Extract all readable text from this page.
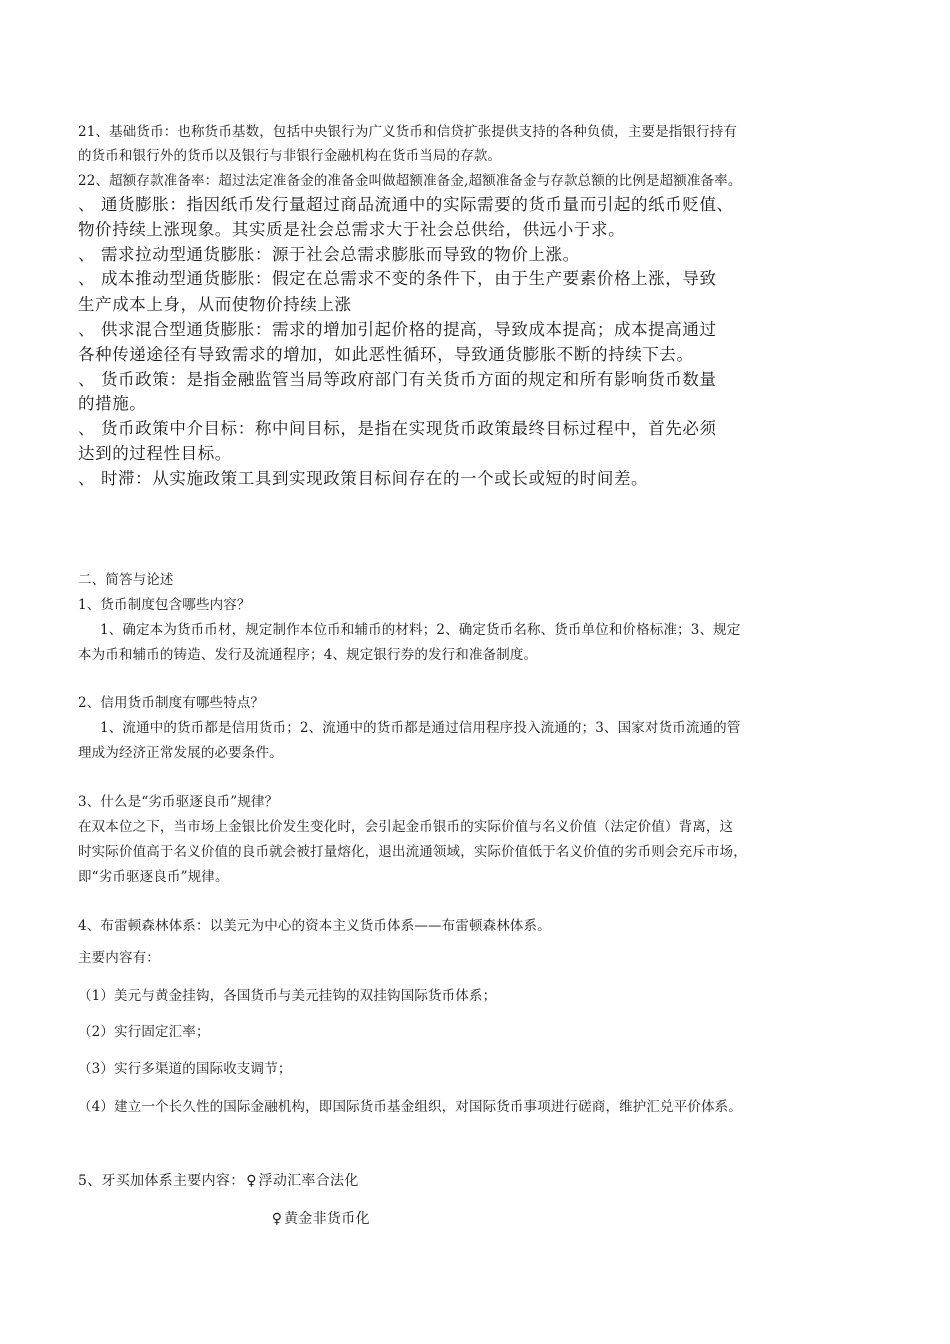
21、基础货币：也称货币基数，包括中央银行为广义货币和信贷扩张提供支持的各种负债，主要是指银行持有
的货币和银行外的货币以及银行与非银行金融机构在货币当局的存款。
22、超额存款准备率：超过法定准备金的准备金叫做超额准备金,超额准备金与存款总额的比例是超额准备率。
、 通货膨胀：指因纸币发行量超过商品流通中的实际需要的货币量而引起的纸币贬值、
物价持续上涨现象。其实质是社会总需求大于社会总供给，供远小于求。
、 需求拉动型通货膨胀：源于社会总需求膨胀而导致的物价上涨。
、 成本推动型通货膨胀：假定在总需求不变的条件下，由于生产要素价格上涨，导致
生产成本上身，从而使物价持续上涨
、 供求混合型通货膨胀：需求的增加引起价格的提高，导致成本提高；成本提高通过
各种传递途径有导致需求的增加，如此恶性循环，导致通货膨胀不断的持续下去。
、 货币政策：是指金融监管当局等政府部门有关货币方面的规定和所有影响货币数量
的措施。
、 货币政策中介目标：称中间目标，是指在实现货币政策最终目标过程中，首先必须
达到的过程性目标。
、 时滞：从实施政策工具到实现政策目标间存在的一个或长或短的时间差。
二、简答与论述
1、货币制度包含哪些内容？
1、确定本为货币币材，规定制作本位币和辅币的材料；2、确定货币名称、货币单位和价格标准；3、规定
本为币和辅币的铸造、发行及流通程序；4、规定银行券的发行和准备制度。
2、信用货币制度有哪些特点？
1、流通中的货币都是信用货币；2、流通中的货币都是通过信用程序投入流通的；3、国家对货币流通的管
理成为经济正常发展的必要条件。
3、什么是“劣币驱逐良币”规律？
在双本位之下，当市场上金银比价发生变化时，会引起金币银币的实际价值与名义价值（法定价值）背离，这
时实际价值高于名义价值的良币就会被打量熔化，退出流通领域，实际价值低于名义价值的劣币则会充斥市场，
即“劣币驱逐良币”规律。
4、布雷顿森林体系：以美元为中心的资本主义货币体系——布雷顿森林体系。
主要内容有：
（1）美元与黄金挂钩，各国货币与美元挂钩的双挂钩国际货币体系；
（2）实行固定汇率；
（3）实行多渠道的国际收支调节；
（4）建立一个长久性的国际金融机构，即国际货币基金组织，对国际货币事项进行磋商，维护汇兑平价体系。
5、牙买加体系主要内容： ♀ 浮动汇率合法化
♀ 黄金非货币化
